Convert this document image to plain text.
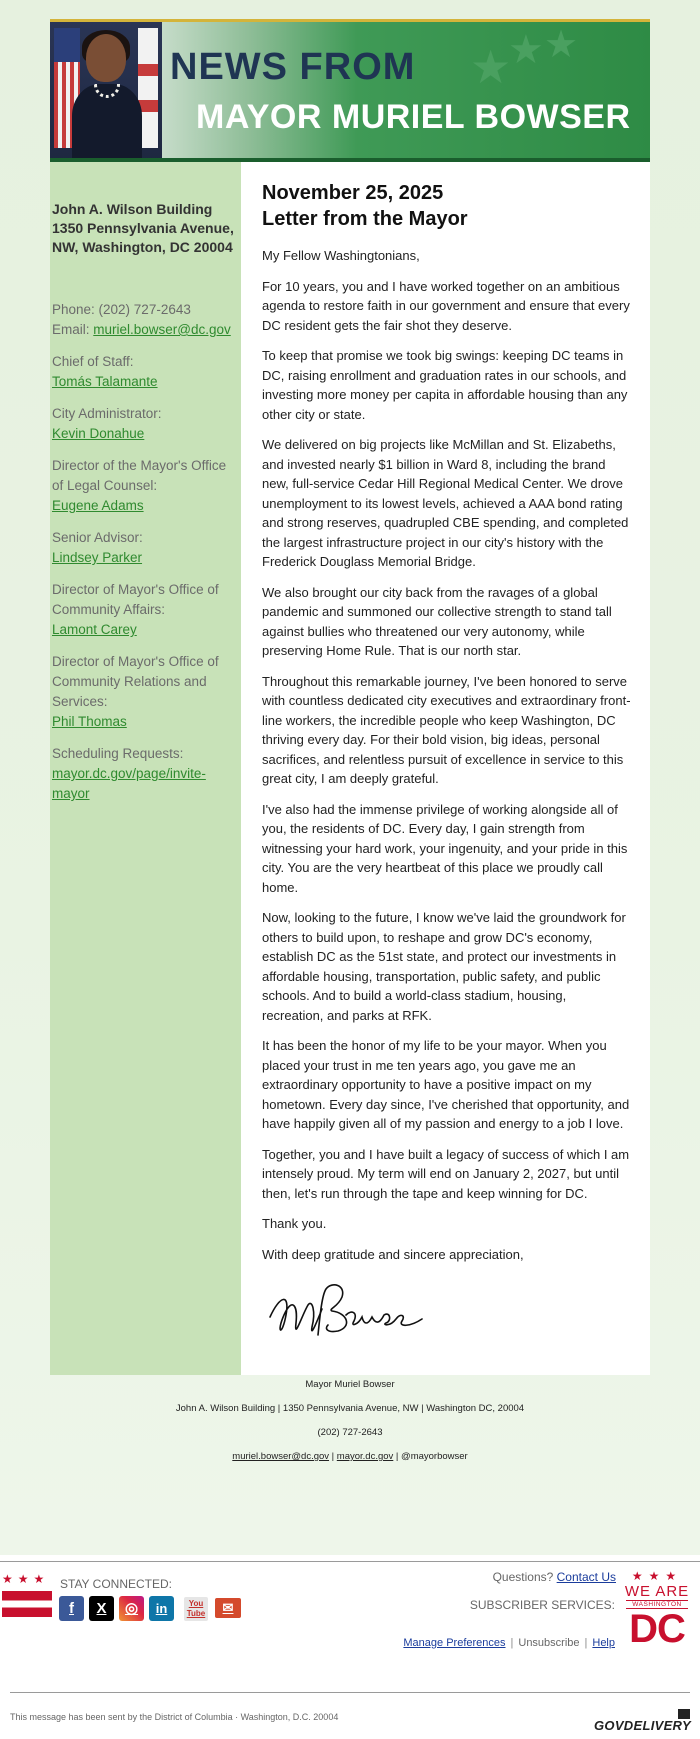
★
★ ★
NEWS FROM
MAYOR MURIEL BOWSER
John A. Wilson Building
1350 Pennsylvania Avenue,
NW, Washington, DC 20004
Phone: (202) 727-2643
Email: muriel.bowser@dc.gov
Chief of Staff:
Tomás Talamante
City Administrator:
Kevin Donahue
Director of the Mayor's Office of Legal Counsel:
Eugene Adams
Senior Advisor:
Lindsey Parker
Director of Mayor's Office of Community Affairs:
Lamont Carey
Director of Mayor's Office of Community Relations and Services:
Phil Thomas
Scheduling Requests:
mayor.dc.gov/page/invite-mayor
November 25, 2025
Letter from the Mayor

My Fellow Washingtonians,

For 10 years, you and I have worked together on an ambitious agenda to restore faith in our government and ensure that every DC resident gets the fair shot they deserve.

To keep that promise we took big swings: keeping DC teams in DC, raising enrollment and graduation rates in our schools, and investing more money per capita in affordable housing than any other city or state.

We delivered on big projects like McMillan and St. Elizabeths, and invested nearly $1 billion in Ward 8, including the brand new, full-service Cedar Hill Regional Medical Center. We drove unemployment to its lowest levels, achieved a AAA bond rating and strong reserves, quadrupled CBE spending, and completed the largest infrastructure project in our city's history with the Frederick Douglass Memorial Bridge.

We also brought our city back from the ravages of a global pandemic and summoned our collective strength to stand tall against bullies who threatened our very autonomy, while preserving Home Rule. That is our north star.

Throughout this remarkable journey, I've been honored to serve with countless dedicated city executives and extraordinary front-line workers, the incredible people who keep Washington, DC thriving every day. For their bold vision, big ideas, personal sacrifices, and relentless pursuit of excellence in service to this great city, I am deeply grateful.

I've also had the immense privilege of working alongside all of you, the residents of DC. Every day, I gain strength from witnessing your hard work, your ingenuity, and your pride in this city. You are the very heartbeat of this place we proudly call home.

Now, looking to the future, I know we've laid the groundwork for others to build upon, to reshape and grow DC's economy, establish DC as the 51st state, and protect our investments in affordable housing, transportation, public safety, and public schools. And to build a world-class stadium, housing, recreation, and parks at RFK.

It has been the honor of my life to be your mayor. When you placed your trust in me ten years ago, you gave me an extraordinary opportunity to have a positive impact on my hometown. Every day since, I've cherished that opportunity, and have happily given all of my passion and energy to a job I love.

Together, you and I have built a legacy of success of which I am intensely proud. My term will end on January 2, 2027, but until then, let's run through the tape and keep winning for DC.

Thank you.

With deep gratitude and sincere appreciation,

Mayor Muriel Bowser
John A. Wilson Building | 1350 Pennsylvania Avenue, NW | Washington DC, 20004
(202) 727-2643
muriel.bowser@dc.gov | mayor.dc.gov | @mayorbowser
★★★ STAY CONNECTED:
f	X	◎	in	You
Tube	✉
Questions? Contact Us
SUBSCRIBER SERVICES:
Manage Preferences | Unsubscribe | Help
★★★
WE ARE
WASHINGTON
DC
This message has been sent by the District of Columbia · Washington, D.C. 20004
GOVDELIVERY
